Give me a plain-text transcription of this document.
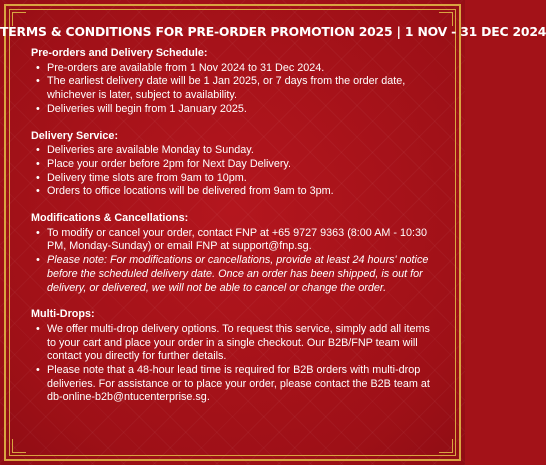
TERMS & CONDITIONS FOR PRE-ORDER PROMOTION 2025 | 1 NOV - 31 DEC 2024
Pre-orders and Delivery Schedule:
• Pre-orders are available from 1 Nov 2024 to 31 Dec 2024.
• The earliest delivery date will be 1 Jan 2025, or 7 days from the order date, whichever is later, subject to availability.
• Deliveries will begin from 1 January 2025.
Delivery Service:
• Deliveries are available Monday to Sunday.
• Place your order before 2pm for Next Day Delivery.
• Delivery time slots are from 9am to 10pm.
• Orders to office locations will be delivered from 9am to 3pm.
Modifications & Cancellations:
• To modify or cancel your order, contact FNP at +65 9727 9363 (8:00 AM - 10:30 PM, Monday-Sunday) or email FNP at support@fnp.sg.
• Please note: For modifications or cancellations, provide at least 24 hours' notice before the scheduled delivery date. Once an order has been shipped, is out for delivery, or delivered, we will not be able to cancel or change the order.
Multi-Drops:
• We offer multi-drop delivery options. To request this service, simply add all items to your cart and place your order in a single checkout. Our B2B/FNP team will contact you directly for further details.
• Please note that a 48-hour lead time is required for B2B orders with multi-drop deliveries. For assistance or to place your order, please contact the B2B team at db-online-b2b@ntucenterprise.sg.
